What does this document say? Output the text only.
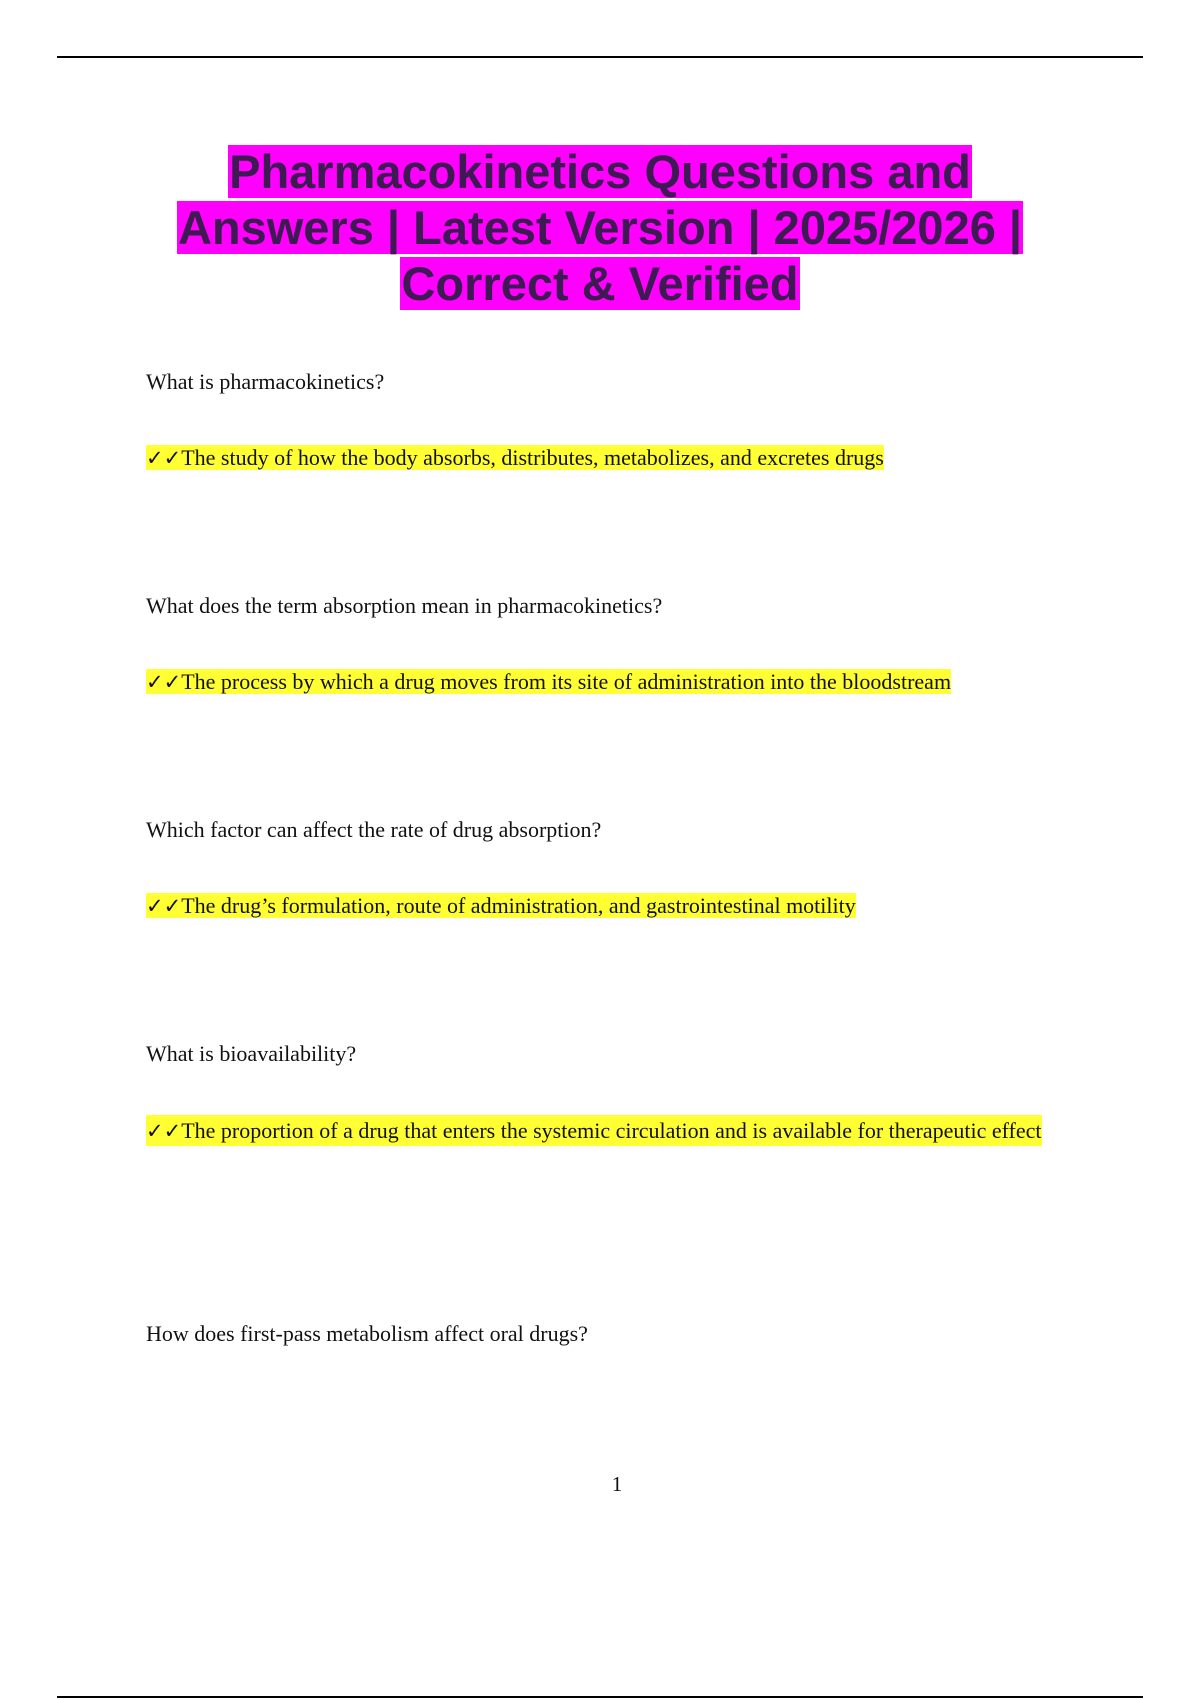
Pharmacokinetics Questions and
Answers | Latest Version | 2025/2026 |
Correct & Verified
What is pharmacokinetics?
✓✓The study of how the body absorbs, distributes, metabolizes, and excretes drugs
What does the term absorption mean in pharmacokinetics?
✓✓The process by which a drug moves from its site of administration into the bloodstream
Which factor can affect the rate of drug absorption?
✓✓The drug’s formulation, route of administration, and gastrointestinal motility
What is bioavailability?
✓✓The proportion of a drug that enters the systemic circulation and is available for therapeutic effect
How does first-pass metabolism affect oral drugs?
1
